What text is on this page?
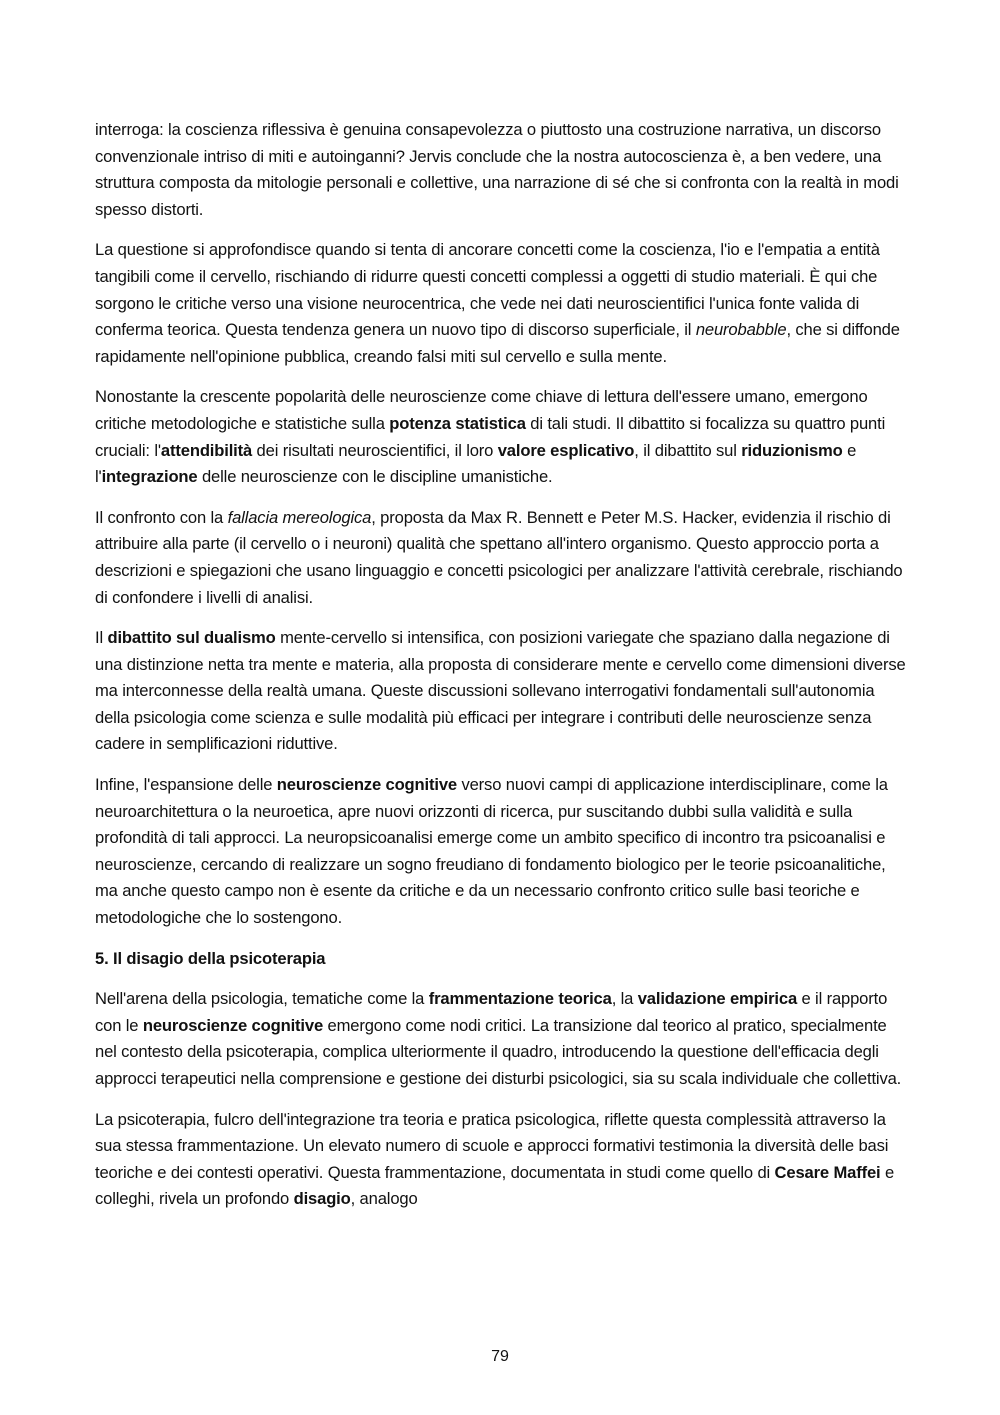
interroga: la coscienza riflessiva è genuina consapevolezza o piuttosto una costruzione narrativa, un discorso convenzionale intriso di miti e autoinganni? Jervis conclude che la nostra autocoscienza è, a ben vedere, una struttura composta da mitologie personali e collettive, una narrazione di sé che si confronta con la realtà in modi spesso distorti.

La questione si approfondisce quando si tenta di ancorare concetti come la coscienza, l'io e l'empatia a entità tangibili come il cervello, rischiando di ridurre questi concetti complessi a oggetti di studio materiali. È qui che sorgono le critiche verso una visione neurocentrica, che vede nei dati neuroscientifici l'unica fonte valida di conferma teorica. Questa tendenza genera un nuovo tipo di discorso superficiale, il neurobabble, che si diffonde rapidamente nell'opinione pubblica, creando falsi miti sul cervello e sulla mente.

Nonostante la crescente popolarità delle neuroscienze come chiave di lettura dell'essere umano, emergono critiche metodologiche e statistiche sulla potenza statistica di tali studi. Il dibattito si focalizza su quattro punti cruciali: l'attendibilità dei risultati neuroscientifici, il loro valore esplicativo, il dibattito sul riduzionismo e l'integrazione delle neuroscienze con le discipline umanistiche.

Il confronto con la fallacia mereologica, proposta da Max R. Bennett e Peter M.S. Hacker, evidenzia il rischio di attribuire alla parte (il cervello o i neuroni) qualità che spettano all'intero organismo. Questo approccio porta a descrizioni e spiegazioni che usano linguaggio e concetti psicologici per analizzare l'attività cerebrale, rischiando di confondere i livelli di analisi.

Il dibattito sul dualismo mente-cervello si intensifica, con posizioni variegate che spaziano dalla negazione di una distinzione netta tra mente e materia, alla proposta di considerare mente e cervello come dimensioni diverse ma interconnesse della realtà umana. Queste discussioni sollevano interrogativi fondamentali sull'autonomia della psicologia come scienza e sulle modalità più efficaci per integrare i contributi delle neuroscienze senza cadere in semplificazioni riduttive.

Infine, l'espansione delle neuroscienze cognitive verso nuovi campi di applicazione interdisciplinare, come la neuroarchitettura o la neuroetica, apre nuovi orizzonti di ricerca, pur suscitando dubbi sulla validità e sulla profondità di tali approcci. La neuropsicoanalisi emerge come un ambito specifico di incontro tra psicoanalisi e neuroscienze, cercando di realizzare un sogno freudiano di fondamento biologico per le teorie psicoanalitiche, ma anche questo campo non è esente da critiche e da un necessario confronto critico sulle basi teoriche e metodologiche che lo sostengono.

5. Il disagio della psicoterapia

Nell'arena della psicologia, tematiche come la frammentazione teorica, la validazione empirica e il rapporto con le neuroscienze cognitive emergono come nodi critici. La transizione dal teorico al pratico, specialmente nel contesto della psicoterapia, complica ulteriormente il quadro, introducendo la questione dell'efficacia degli approcci terapeutici nella comprensione e gestione dei disturbi psicologici, sia su scala individuale che collettiva.

La psicoterapia, fulcro dell'integrazione tra teoria e pratica psicologica, riflette questa complessità attraverso la sua stessa frammentazione. Un elevato numero di scuole e approcci formativi testimonia la diversità delle basi teoriche e dei contesti operativi. Questa frammentazione, documentata in studi come quello di Cesare Maffei e colleghi, rivela un profondo disagio, analogo

79
